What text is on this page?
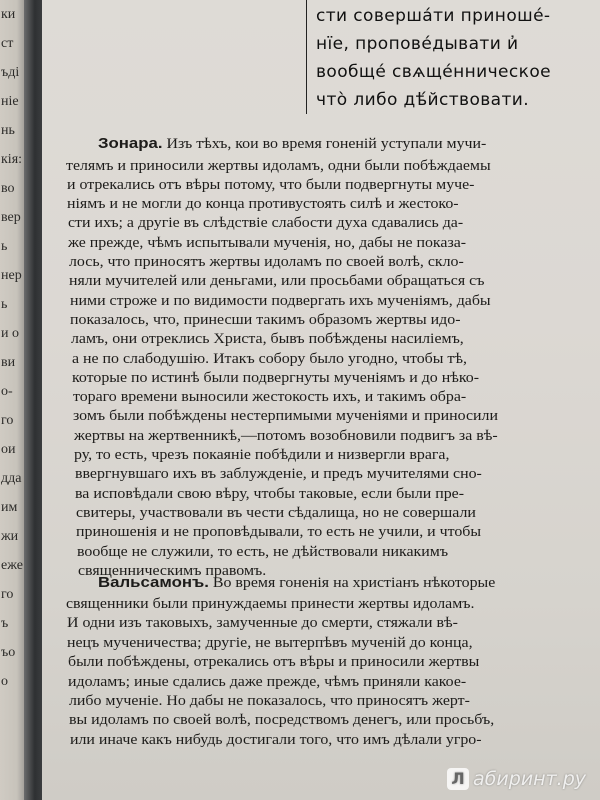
ки
ст
ъді
ніе
нь
кія:
во
вер
ь
нер
ь
и о
ви
о-
го
ои
дда
им
жи
еже
го
ъ
ъо
о
сти соверша́ти приноше́-
нїе, пропове́дывати и҆
вообще́ свѧще́нническое
что̀ либо дѣ́йствовати.
Зонара. Изъ тѣхъ, кои во время гоненій уступали мучи-
телямъ и приносили жертвы идоламъ, одни были побѣждаемы
и отрекались отъ вѣры потому, что были подвергнуты муче-
ніямъ и не могли до конца противустоять силѣ и жестоко-
сти ихъ; а другіе въ слѣдствіе слабости духа сдавались да-
же прежде, чѣмъ испытывали мученія, но, дабы не показа-
лось, что приносятъ жертвы идоламъ по своей волѣ, скло-
няли мучителей или деньгами, или просьбами обращаться съ
ними строже и по видимости подвергать ихъ мученіямъ, дабы
показалось, что, принесши такимъ образомъ жертвы идо-
ламъ, они отреклись Христа, бывъ побѣждены насиліемъ,
а не по слабодушію. Итакъ собору было угодно, чтобы тѣ,
которые по истинѣ были подвергнуты мученіямъ и до нѣко-
тораго времени выносили жестокость ихъ, и такимъ обра-
зомъ были побѣждены нестерпимыми мученіями и приносили
жертвы на жертвенникѣ,—потомъ возобновили подвигъ за вѣ-
ру, то есть, чрезъ покаяніе побѣдили и низвергли врага,
ввергнувшаго ихъ въ заблужденіе, и предъ мучителями сно-
ва исповѣдали свою вѣру, чтобы таковые, если были пре-
свитеры, участвовали въ чести сѣдалища, но не совершали
приношенія и не проповѣдывали, то есть не учили, и чтобы
вообще не служили, то есть, не дѣйствовали никакимъ
священническимъ правомъ.
Вальсамонъ. Во время гоненія на христіанъ нѣкоторые
священники были принуждаемы принести жертвы идоламъ.
И одни изъ таковыхъ, замученные до смерти, стяжали вѣ-
нецъ мученичества; другіе, не вытерпѣвъ мученій до конца,
были побѣждены, отрекались отъ вѣры и приносили жертвы
идоламъ; иные сдались даже прежде, чѣмъ приняли какое-
либо мученіе. Но дабы не показалось, что приносятъ жерт-
вы идоламъ по своей волѣ, посредствомъ денегъ, или просьбъ,
или иначе какъ нибудь достигали того, что имъ дѣлали угро-
Л абиринт.ру
